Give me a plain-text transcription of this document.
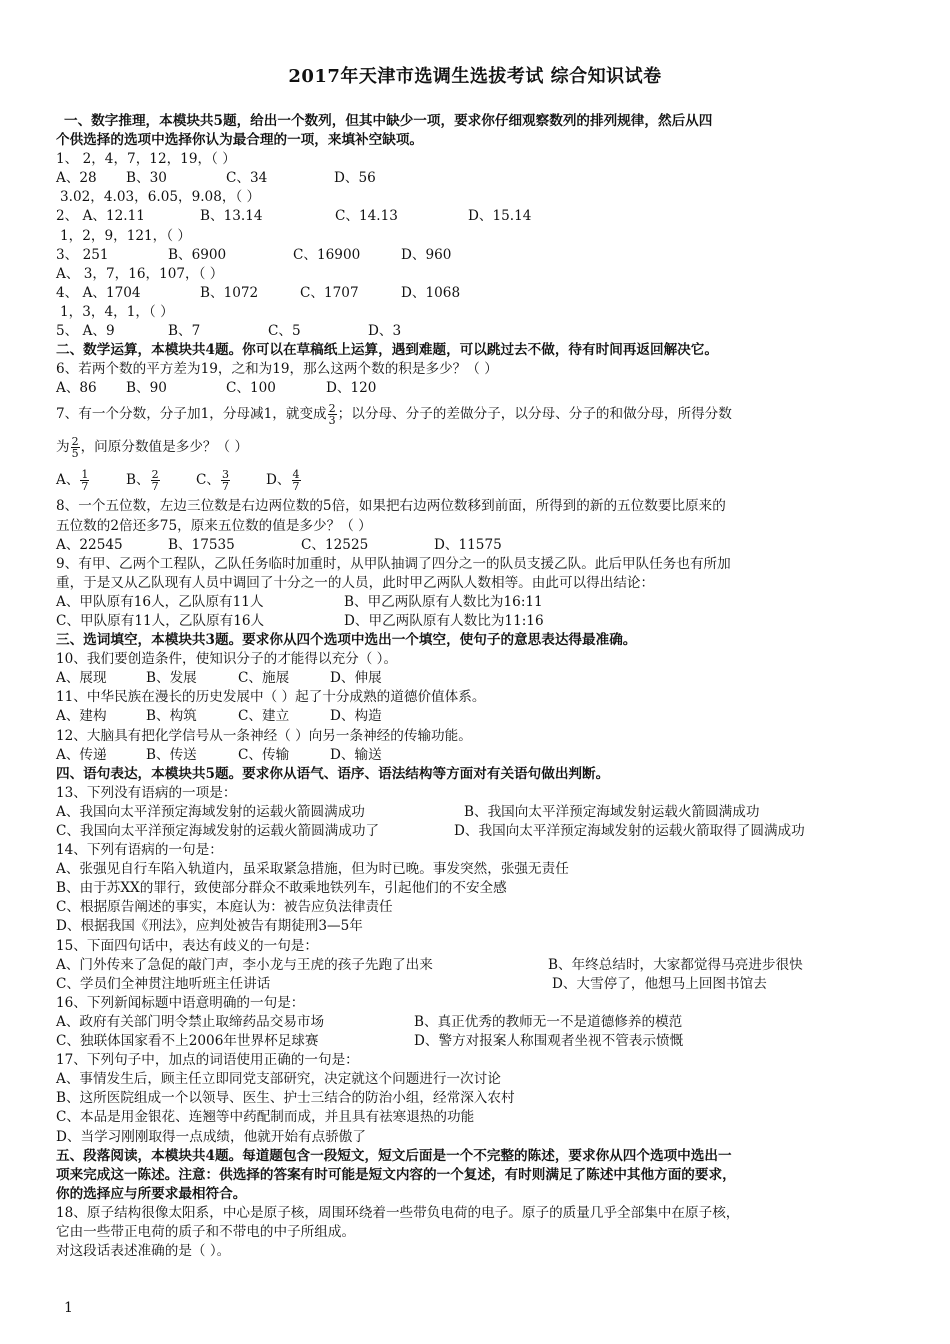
2017年天津市选调生选拔考试 综合知识试卷
一、数字推理，本模块共5题，给出一个数列，但其中缺少一项，要求你仔细观察数列的排列规律，然后从四
个供选择的选项中选择你认为最合理的一项，来填补空缺项。
1、 2，4，7，12，19，（ ）
A、28 B、30	C、34	D、56
3.02，4.03，6.05，9.08，（ ）
2、 A、12.11	B、13.14	C、14.13	D、15.14
1，2，9，121，（ ）
3、 251	B、6900	C、16900	D、960
A、 3，7，16，107，（ ）
4、 A、1704	B、1072	C、1707	D、1068
1，3，4，1，（ ）
5、 A、9	B、7	C、5	D、3
二、数学运算，本模块共4题。你可以在草稿纸上运算，遇到难题，可以跳过去不做，待有时间再返回解决它。
6、若两个数的平方差为19，之和为19，那么这两个数的积是多少？（ ）
A、86 B、90	C、100	D、120
7、有一个分数，分子加1，分母减1，就变成 $\frac{2}{3}$ ；以分母、分子的差做分子，以分母、分子的和做分母，所得分数
为 $\frac{2}{5}$ ，问原分数值是多少？（ ）
A、 $\frac{1}{7}$	B、 $\frac{2}{7}$	C、 $\frac{3}{7}$	D、 $\frac{4}{7}$
8、一个五位数，左边三位数是右边两位数的5倍，如果把右边两位数移到前面，所得到的新的五位数要比原来的
五位数的2倍还多75，原来五位数的值是多少？（ ）
A、22545	B、17535	C、12525	D、11575
9、有甲、乙两个工程队，乙队任务临时加重时，从甲队抽调了四分之一的队员支援乙队。此后甲队任务也有所加
重，于是又从乙队现有人员中调回了十分之一的人员，此时甲乙两队人数相等。由此可以得出结论：
A、甲队原有16人，乙队原有11人	B、甲乙两队原有人数比为16:11
C、甲队原有11人，乙队原有16人	D、甲乙两队原有人数比为11:16
三、选词填空，本模块共3题。要求你从四个选项中选出一个填空，使句子的意思表达得最准确。
10、我们要创造条件，使知识分子的才能得以充分（ ）。
A、展现	B、发展	C、施展	D、伸展
11、中华民族在漫长的历史发展中（ ）起了十分成熟的道德价值体系。
A、建构	B、构筑	C、建立	D、构造
12、大脑具有把化学信号从一条神经（ ）向另一条神经的传输功能。
A、传递	B、传送	C、传输	D、输送
四、语句表达，本模块共5题。要求你从语气、语序、语法结构等方面对有关语句做出判断。
13、下列没有语病的一项是：
A、我国向太平洋预定海域发射的运载火箭圆满成功	B、我国向太平洋预定海域发射运载火箭圆满成功
C、我国向太平洋预定海域发射的运载火箭圆满成功了	D、我国向太平洋预定海域发射的运载火箭取得了圆满成功
14、下列有语病的一句是：
A、张强见自行车陷入轨道内，虽采取紧急措施，但为时已晚。事发突然，张强无责任
B、由于苏XX的罪行，致使部分群众不敢乘地铁列车，引起他们的不安全感
C、根据原告阐述的事实，本庭认为：被告应负法律责任
D、根据我国《刑法》，应判处被告有期徒刑3—5年
15、下面四句话中，表达有歧义的一句是：
A、门外传来了急促的敲门声，李小龙与王虎的孩子先跑了出来	B、年终总结时，大家都觉得马亮进步很快
C、学员们全神贯注地听班主任讲话	D、大雪停了，他想马上回图书馆去
16、下列新闻标题中语意明确的一句是：
A、政府有关部门明令禁止取缔药品交易市场	B、真正优秀的教师无一不是道德修养的模范
C、独联体国家看不上2006年世界杯足球赛	D、警方对报案人称围观者坐视不管表示愤慨
17、下列句子中，加点的词语使用正确的一句是：
A、事情发生后，顾主任立即同党支部研究，决定就这个问题进行一次讨论
B、这所医院组成一个以领导、医生、护士三结合的防治小组，经常深入农村
C、本品是用金银花、连翘等中药配制而成，并且具有祛寒退热的功能
D、当学习刚刚取得一点成绩，他就开始有点骄傲了
五、段落阅读，本模块共4题。每道题包含一段短文，短文后面是一个不完整的陈述，要求你从四个选项中选出一
项来完成这一陈述。注意：供选择的答案有时可能是短文内容的一个复述，有时则满足了陈述中其他方面的要求，
你的选择应与所要求最相符合。
18、原子结构很像太阳系，中心是原子核，周围环绕着一些带负电荷的电子。原子的质量几乎全部集中在原子核，
它由一些带正电荷的质子和不带电的中子所组成。
对这段话表述准确的是（ ）。
1
